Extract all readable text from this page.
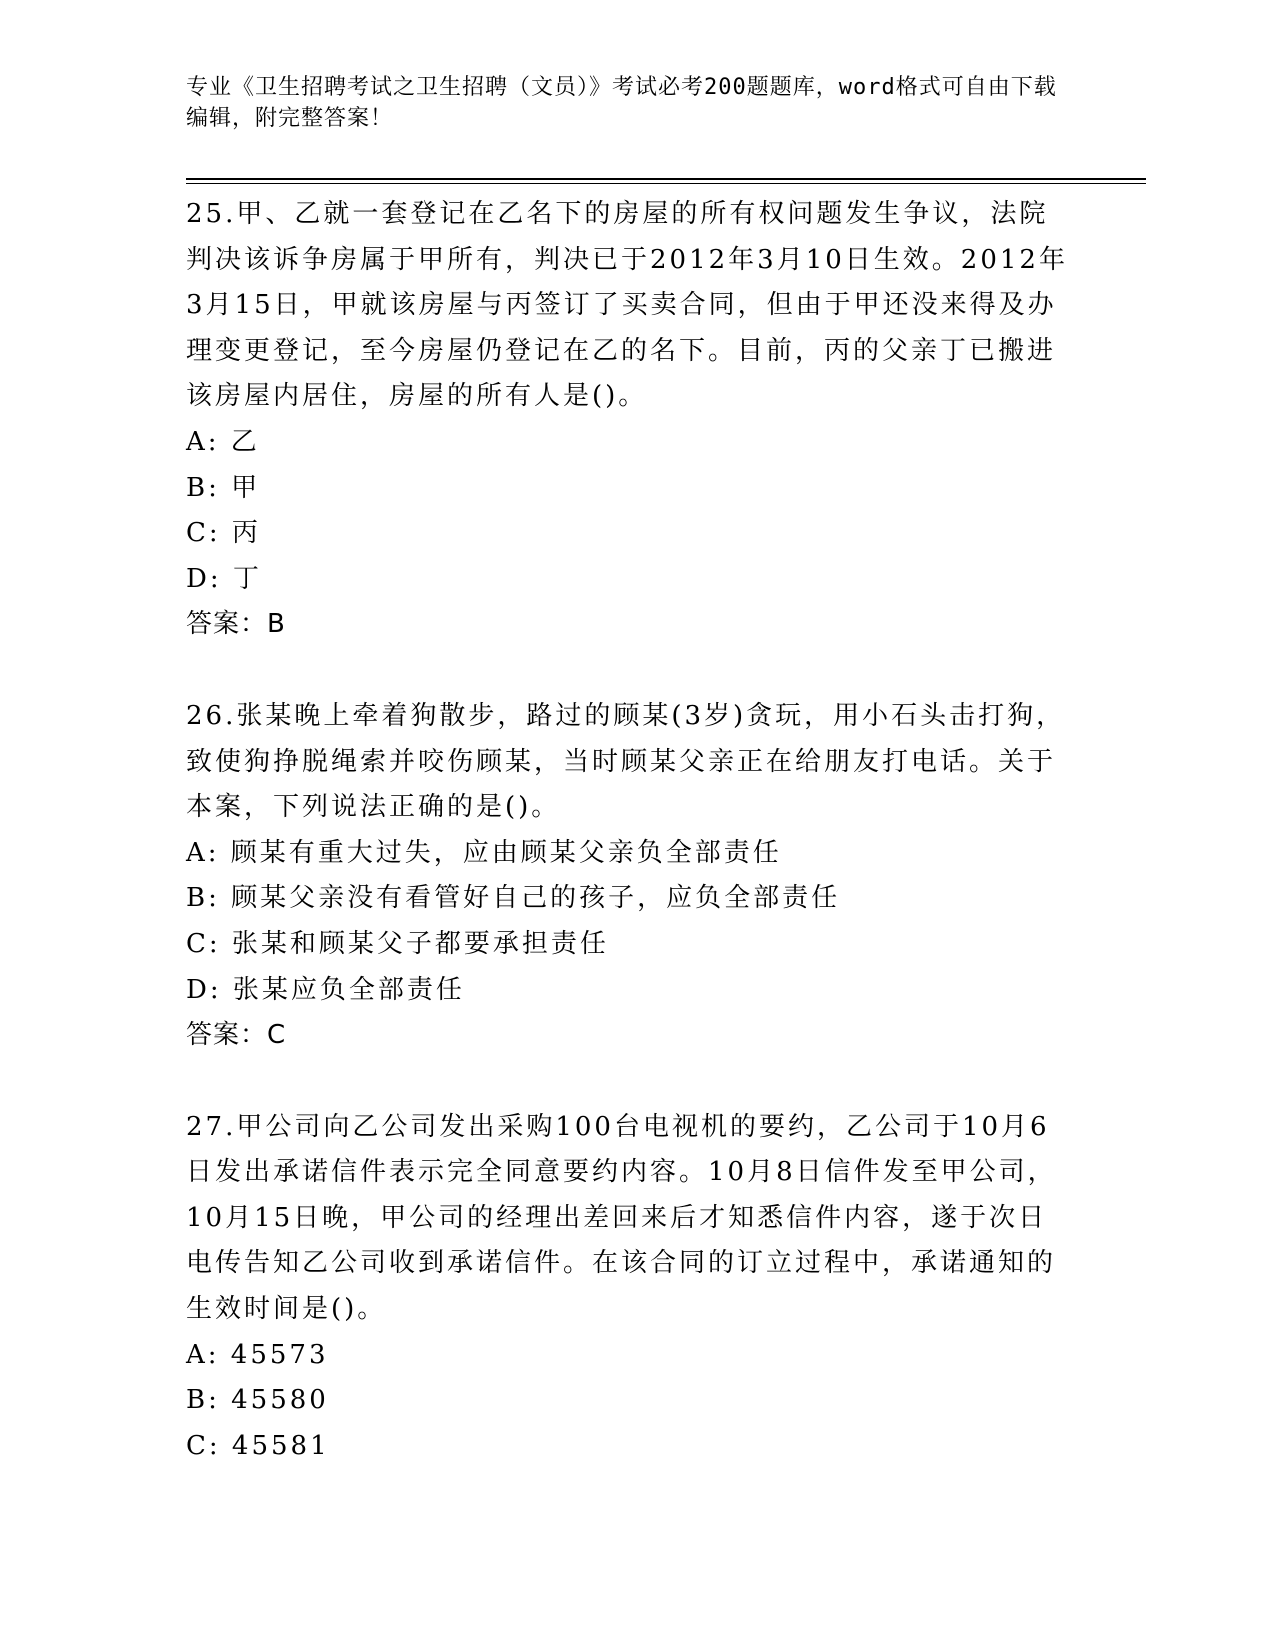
专业《卫生招聘考试之卫生招聘（文员）》考试必考200题题库，word格式可自由下载编辑，附完整答案！
25.甲、乙就一套登记在乙名下的房屋的所有权问题发生争议，法院判决该诉争房属于甲所有，判决已于2012年3月10日生效。2012年3月15日，甲就该房屋与丙签订了买卖合同，但由于甲还没来得及办理变更登记，至今房屋仍登记在乙的名下。目前，丙的父亲丁已搬进该房屋内居住，房屋的所有人是()。
A: 乙
B: 甲
C: 丙
D: 丁
答案：B
26.张某晚上牵着狗散步，路过的顾某(3岁)贪玩，用小石头击打狗，致使狗挣脱绳索并咬伤顾某，当时顾某父亲正在给朋友打电话。关于本案，下列说法正确的是()。
A: 顾某有重大过失，应由顾某父亲负全部责任
B: 顾某父亲没有看管好自己的孩子，应负全部责任
C: 张某和顾某父子都要承担责任
D: 张某应负全部责任
答案：C
27.甲公司向乙公司发出采购100台电视机的要约，乙公司于10月6日发出承诺信件表示完全同意要约内容。10月8日信件发至甲公司，10月15日晚，甲公司的经理出差回来后才知悉信件内容，遂于次日电传告知乙公司收到承诺信件。在该合同的订立过程中，承诺通知的生效时间是()。
A: 45573
B: 45580
C: 45581
